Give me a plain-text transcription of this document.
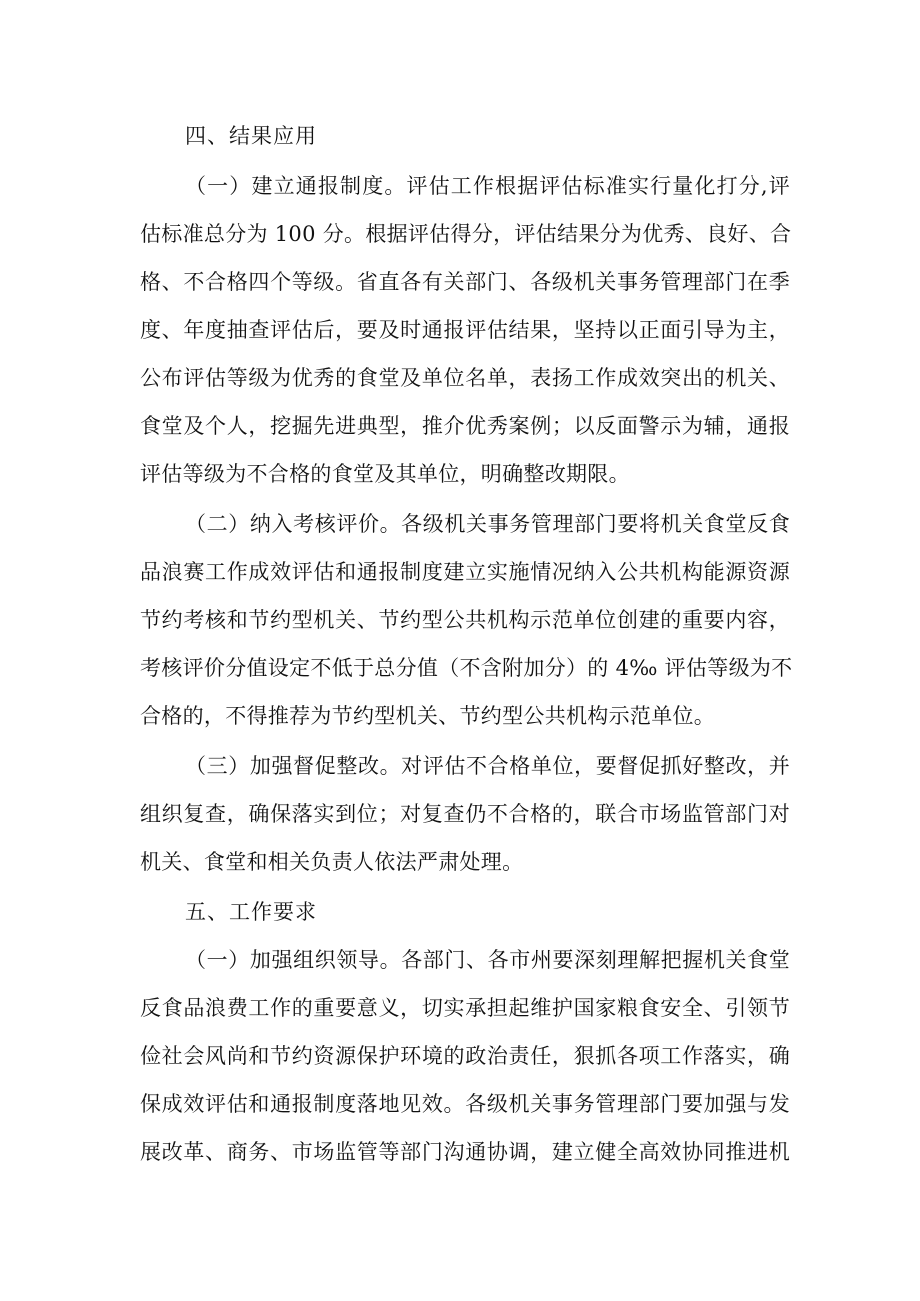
四、结果应用
（一）建立通报制度。评估工作根据评估标准实行量化打分,评
估标准总分为 100 分。根据评估得分，评估结果分为优秀、良好、合
格、不合格四个等级。省直各有关部门、各级机关事务管理部门在季
度、年度抽查评估后，要及时通报评估结果，坚持以正面引导为主，
公布评估等级为优秀的食堂及单位名单，表扬工作成效突出的机关、
食堂及个人，挖掘先进典型，推介优秀案例；以反面警示为辅，通报
评估等级为不合格的食堂及其单位，明确整改期限。
（二）纳入考核评价。各级机关事务管理部门要将机关食堂反食
品浪赛工作成效评估和通报制度建立实施情况纳入公共机构能源资源
节约考核和节约型机关、节约型公共机构示范单位创建的重要内容，
考核评价分值设定不低于总分值（不含附加分）的 4‰ 评估等级为不
合格的，不得推荐为节约型机关、节约型公共机构示范单位。
（三）加强督促整改。对评估不合格单位，要督促抓好整改，并
组织复查，确保落实到位；对复查仍不合格的，联合市场监管部门对
机关、食堂和相关负责人依法严肃处理。
五、工作要求
（一）加强组织领导。各部门、各市州要深刻理解把握机关食堂
反食品浪费工作的重要意义，切实承担起维护国家粮食安全、引领节
俭社会风尚和节约资源保护环境的政治责任，狠抓各项工作落实，确
保成效评估和通报制度落地见效。各级机关事务管理部门要加强与发
展改革、商务、市场监管等部门沟通协调，建立健全高效协同推进机
